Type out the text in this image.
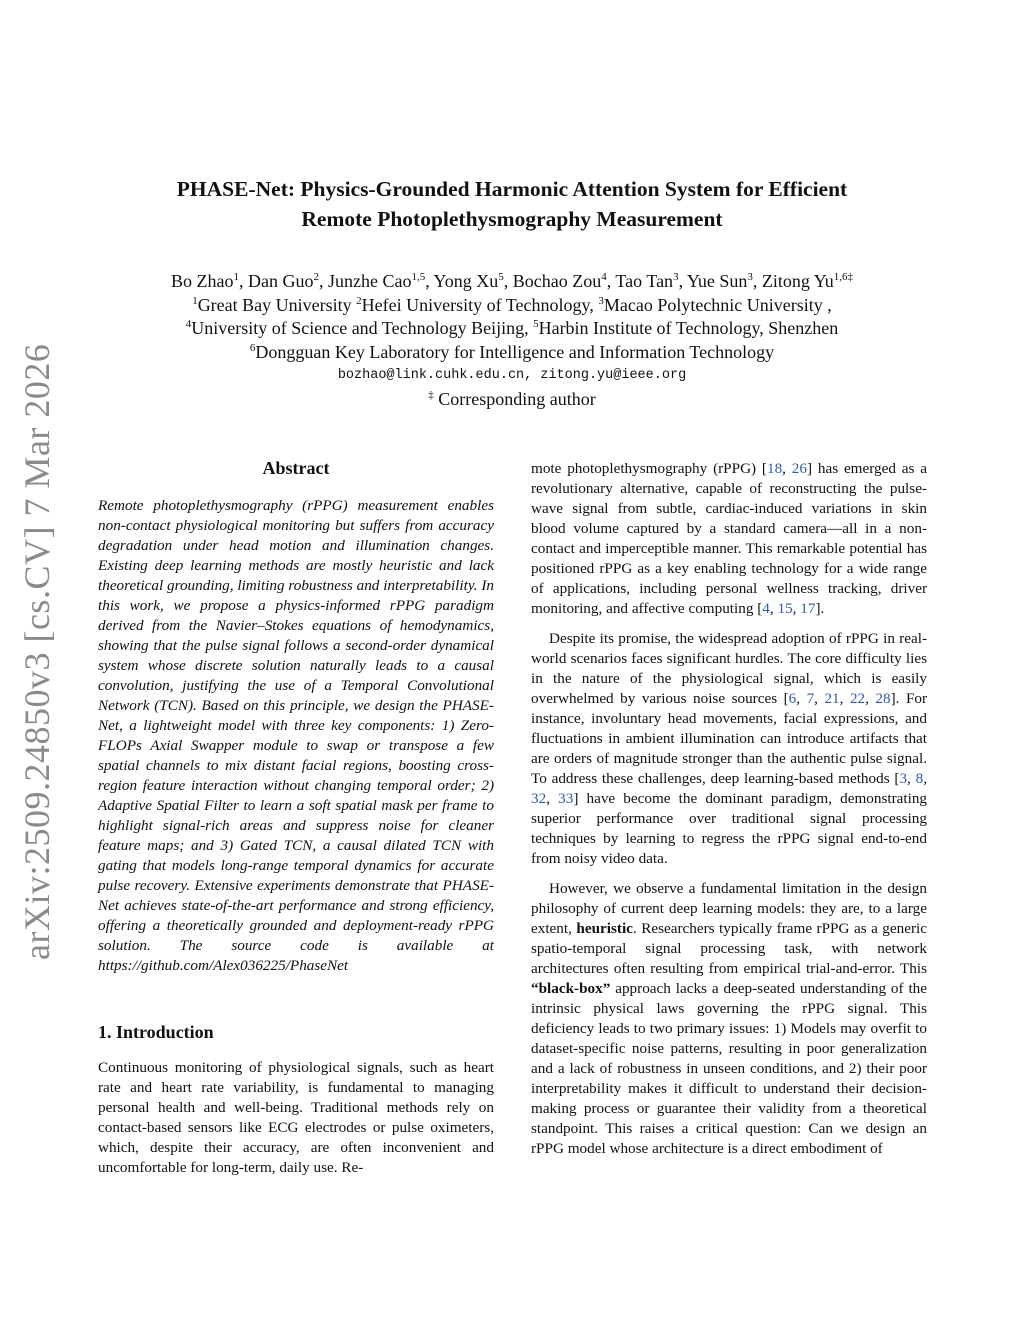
arXiv:2509.24850v3 [cs.CV] 7 Mar 2026
PHASE-Net: Physics-Grounded Harmonic Attention System for Efficient
Remote Photoplethysmography Measurement
Bo Zhao$^1$, Dan Guo$^2$, Junzhe Cao$^{1,5}$, Yong Xu$^5$, Bochao Zou$^4$, Tao Tan$^3$, Yue Sun$^3$, Zitong $Yu^{1,6\ddagger}$
$^1$Great Bay University $^2$Hefei University of Technology, $^3$Macao Polytechnic University ,
$^4$University of Science and Technology Beijing, $^5$Harbin Institute of Technology, Shenzhen
$^6$Dongguan Key Laboratory for Intelligence and Information Technology
bozhao@link.cuhk.edu.cn, zitong.yu@ieee.org
‡ Corresponding author
Abstract

Remote photoplethysmography (rPPG) measurement enables non-contact physiological monitoring but suffers from accuracy degradation under head motion and illumination changes. Existing deep learning methods are mostly heuristic and lack theoretical grounding, limiting robustness and interpretability. In this work, we propose a physics-informed rPPG paradigm derived from the Navier–Stokes equations of hemodynamics, showing that the pulse signal follows a second-order dynamical system whose discrete solution naturally leads to a causal convolution, justifying the use of a Temporal Convolutional Network (TCN). Based on this principle, we design the PHASE-Net, a lightweight model with three key components: 1) Zero-FLOPs Axial Swapper module to swap or transpose a few spatial channels to mix distant facial regions, boosting cross-region feature interaction without changing temporal order; 2) Adaptive Spatial Filter to learn a soft spatial mask per frame to highlight signal-rich areas and suppress noise for cleaner feature maps; and 3) Gated TCN, a causal dilated TCN with gating that models long-range temporal dynamics for accurate pulse recovery. Extensive experiments demonstrate that PHASE-Net achieves state-of-the-art performance and strong efficiency, offering a theoretically grounded and deployment-ready rPPG solution. The source code is available at https://github.com/Alex036225/PhaseNet

1. Introduction

Continuous monitoring of physiological signals, such as heart rate and heart rate variability, is fundamental to managing personal health and well-being. Traditional methods rely on contact-based sensors like ECG electrodes or pulse oximeters, which, despite their accuracy, are often inconvenient and uncomfortable for long-term, daily use. Re-

mote photoplethysmography (rPPG) [18, 26] has emerged as a revolutionary alternative, capable of reconstructing the pulse-wave signal from subtle, cardiac-induced variations in skin blood volume captured by a standard camera—all in a non-contact and imperceptible manner. This remarkable potential has positioned rPPG as a key enabling technology for a wide range of applications, including personal wellness tracking, driver monitoring, and affective computing [4, 15, 17].

Despite its promise, the widespread adoption of rPPG in real-world scenarios faces significant hurdles. The core difficulty lies in the nature of the physiological signal, which is easily overwhelmed by various noise sources [6, 7, 21, 22, 28]. For instance, involuntary head movements, facial expressions, and fluctuations in ambient illumination can introduce artifacts that are orders of magnitude stronger than the authentic pulse signal. To address these challenges, deep learning-based methods [3, 8, 32, 33] have become the dominant paradigm, demonstrating superior performance over traditional signal processing techniques by learning to regress the rPPG signal end-to-end from noisy video data.

However, we observe a fundamental limitation in the design philosophy of current deep learning models: they are, to a large extent, heuristic. Researchers typically frame rPPG as a generic spatio-temporal signal processing task, with network architectures often resulting from empirical trial-and-error. This “black-box” approach lacks a deep-seated understanding of the intrinsic physical laws governing the rPPG signal. This deficiency leads to two primary issues: 1) Models may overfit to dataset-specific noise patterns, resulting in poor generalization and a lack of robustness in unseen conditions, and 2) their poor interpretability makes it difficult to understand their decision-making process or guarantee their validity from a theoretical standpoint. This raises a critical question: Can we design an rPPG model whose architecture is a direct embodiment of
